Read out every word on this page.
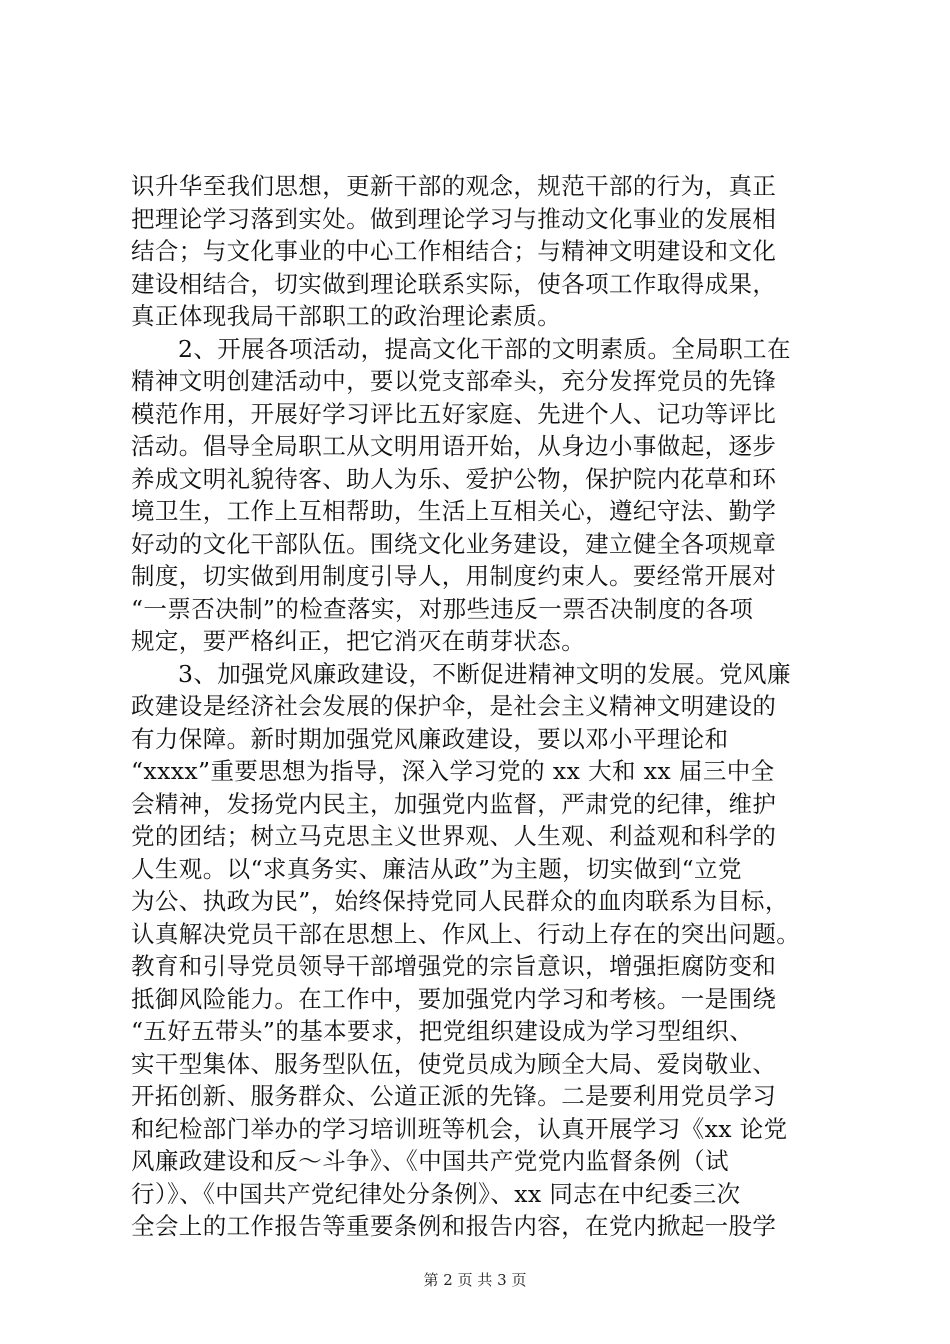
识升华至我们思想，更新干部的观念，规范干部的行为，真正
把理论学习落到实处。做到理论学习与推动文化事业的发展相
结合；与文化事业的中心工作相结合；与精神文明建设和文化
建设相结合，切实做到理论联系实际，使各项工作取得成果，
真正体现我局干部职工的政治理论素质。
2、开展各项活动，提高文化干部的文明素质。全局职工在
精神文明创建活动中，要以党支部牵头，充分发挥党员的先锋
模范作用，开展好学习评比五好家庭、先进个人、记功等评比
活动。倡导全局职工从文明用语开始，从身边小事做起，逐步
养成文明礼貌待客、助人为乐、爱护公物，保护院内花草和环
境卫生，工作上互相帮助，生活上互相关心，遵纪守法、勤学
好动的文化干部队伍。围绕文化业务建设，建立健全各项规章
制度，切实做到用制度引导人，用制度约束人。要经常开展对
“一票否决制”的检查落实，对那些违反一票否决制度的各项
规定，要严格纠正，把它消灭在萌芽状态。
3、加强党风廉政建设，不断促进精神文明的发展。党风廉
政建设是经济社会发展的保护伞，是社会主义精神文明建设的
有力保障。新时期加强党风廉政建设，要以邓小平理论和
“xxxx”重要思想为指导，深入学习党的 xx 大和 xx 届三中全
会精神，发扬党内民主，加强党内监督，严肃党的纪律，维护
党的团结；树立马克思主义世界观、人生观、利益观和科学的
人生观。以“求真务实、廉洁从政”为主题，切实做到“立党
为公、执政为民”，始终保持党同人民群众的血肉联系为目标，
认真解决党员干部在思想上、作风上、行动上存在的突出问题。
教育和引导党员领导干部增强党的宗旨意识，增强拒腐防变和
抵御风险能力。在工作中，要加强党内学习和考核。一是围绕
“五好五带头”的基本要求，把党组织建设成为学习型组织、
实干型集体、服务型队伍，使党员成为顾全大局、爱岗敬业、
开拓创新、服务群众、公道正派的先锋。二是要利用党员学习
和纪检部门举办的学习培训班等机会，认真开展学习《xx 论党
风廉政建设和反～斗争》、《中国共产党党内监督条例（试
行）》、《中国共产党纪律处分条例》、xx 同志在中纪委三次
全会上的工作报告等重要条例和报告内容，在党内掀起一股学
第 2 页 共 3 页
